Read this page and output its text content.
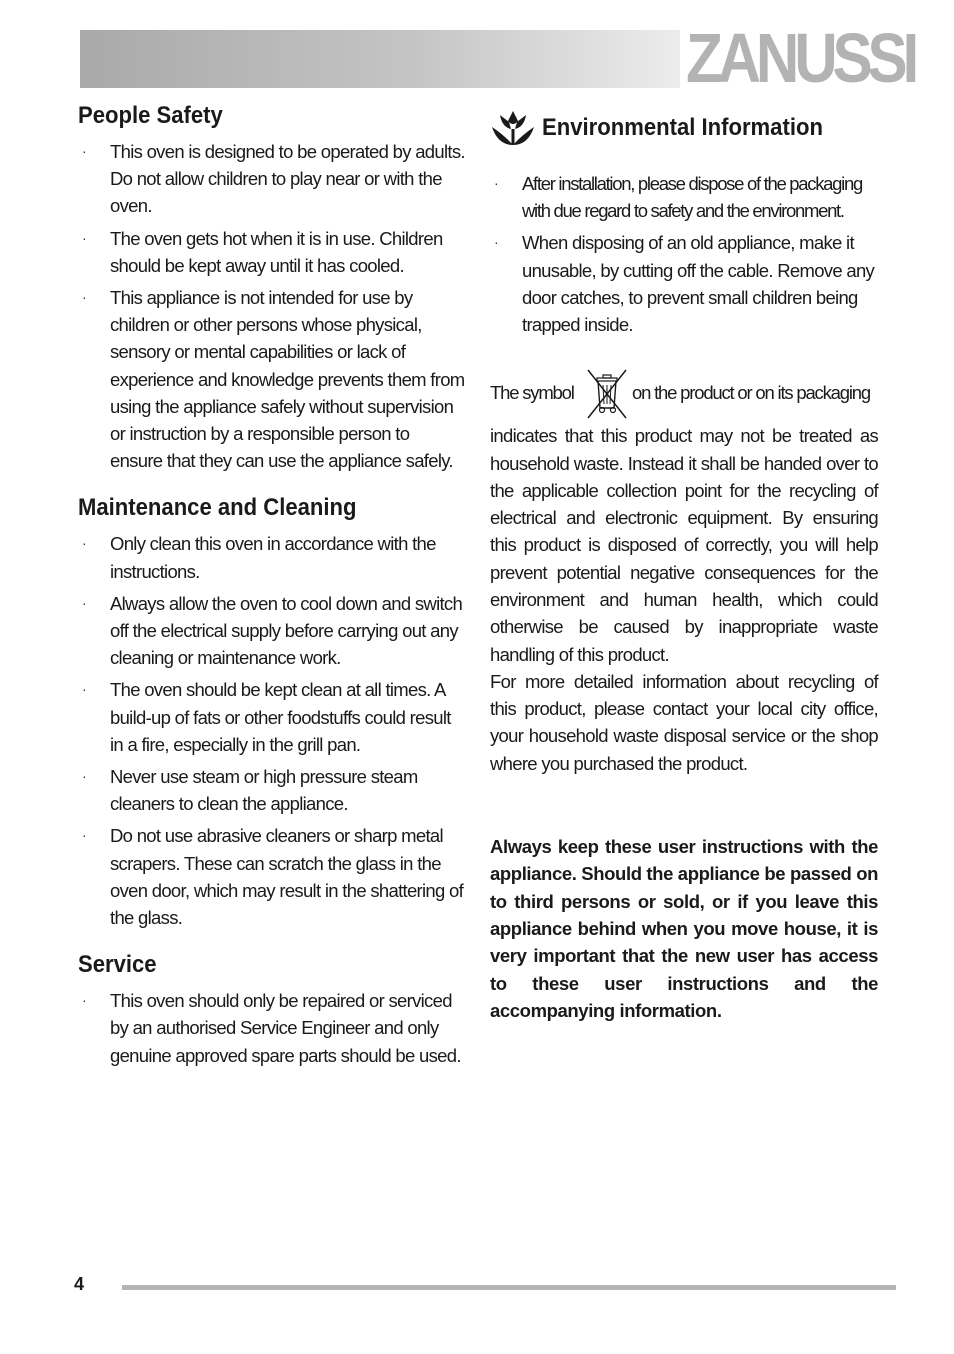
ZANUSSI
People Safety
· This oven is designed to be operated by adults. Do not allow children to play near or with the oven.
· The oven gets hot when it is in use. Children should be kept away until it has cooled.
· This appliance is not intended for use by children or other persons whose physical, sensory or mental capabilities or lack of experience and knowledge prevents them from using the appliance safely without supervision or instruction by a responsible person to ensure that they can use the appliance safely.
Maintenance and Cleaning
· Only clean this oven in accordance with the instructions.
· Always allow the oven to cool down and switch off the electrical supply before carrying out any cleaning or maintenance work.
· The oven should be kept clean at all times. A build-up of fats or other foodstuffs could result in a fire, especially in the grill pan.
· Never use steam or high pressure steam cleaners to clean the appliance.
· Do not use abrasive cleaners or sharp metal scrapers. These can scratch the glass in the oven door, which may result in the shattering of the glass.
Service
· This oven should only be repaired or serviced by an authorised Service Engineer and only genuine approved spare parts should be used.
Environmental Information
· After installation, please dispose of the packaging with due regard to safety and the environment.
· When disposing of an old appliance, make it unusable, by cutting off the cable. Remove any door catches, to prevent small children being trapped inside.
The symbol	on the product or on its packaging

indicates that this product may not be treated as household waste. Instead it shall be handed over to the applicable collection point for the recycling of electrical and electronic equipment. By ensuring this product is disposed of correctly, you will help prevent potential negative consequences for the environment and human health, which could otherwise be caused by inappropriate waste handling of this product.

For more detailed information about recycling of this product, please contact your local city office, your household waste disposal service or the shop where you purchased the product.

Always keep these user instructions with the appliance. Should the appliance be passed on to third persons or sold, or if you leave this appliance behind when you move house, it is very important that the new user has access to these user instructions and the accompanying information.

4
